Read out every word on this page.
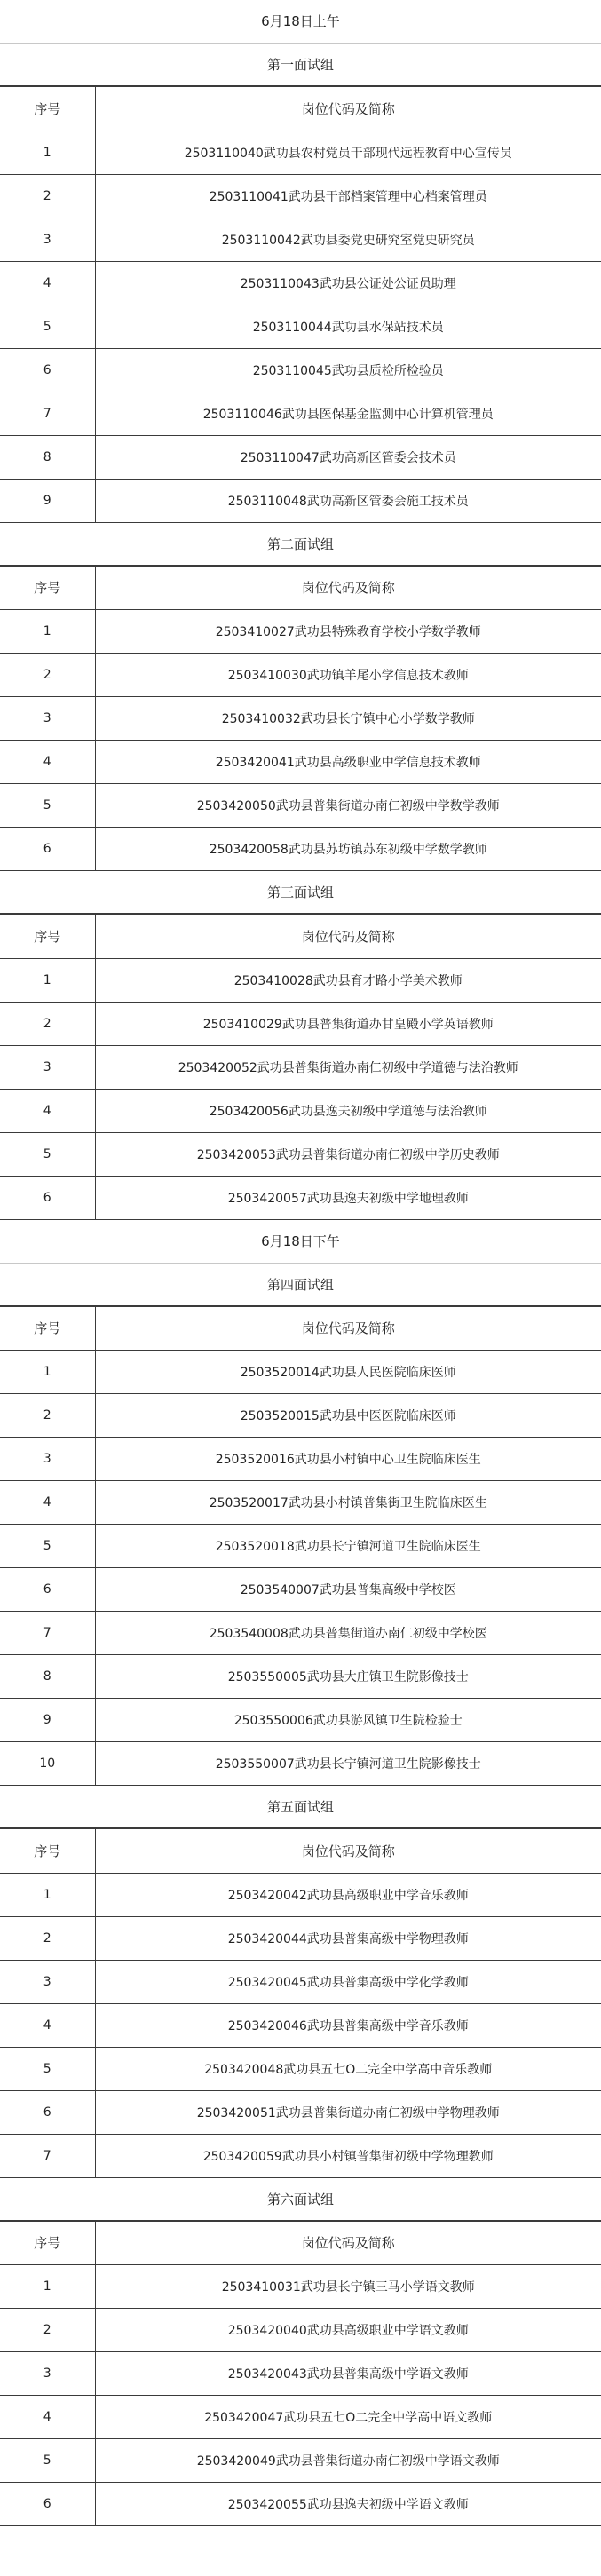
6月18日上午
第一面试组
序号	岗位代码及简称
1	2503110040武功县农村党员干部现代远程教育中心宣传员
2	2503110041武功县干部档案管理中心档案管理员
3	2503110042武功县委党史研究室党史研究员
4	2503110043武功县公证处公证员助理
5	2503110044武功县水保站技术员
6	2503110045武功县质检所检验员
7	2503110046武功县医保基金监测中心计算机管理员
8	2503110047武功高新区管委会技术员
9	2503110048武功高新区管委会施工技术员
第二面试组
序号	岗位代码及简称
1	2503410027武功县特殊教育学校小学数学教师
2	2503410030武功镇羊尾小学信息技术教师
3	2503410032武功县长宁镇中心小学数学教师
4	2503420041武功县高级职业中学信息技术教师
5	2503420050武功县普集街道办南仁初级中学数学教师
6	2503420058武功县苏坊镇苏东初级中学数学教师
第三面试组
序号	岗位代码及简称
1	2503410028武功县育才路小学美术教师
2	2503410029武功县普集街道办甘皇殿小学英语教师
3	2503420052武功县普集街道办南仁初级中学道德与法治教师
4	2503420056武功县逸夫初级中学道德与法治教师
5	2503420053武功县普集街道办南仁初级中学历史教师
6	2503420057武功县逸夫初级中学地理教师
6月18日下午
第四面试组
序号	岗位代码及简称
1	2503520014武功县人民医院临床医师
2	2503520015武功县中医医院临床医师
3	2503520016武功县小村镇中心卫生院临床医生
4	2503520017武功县小村镇普集街卫生院临床医生
5	2503520018武功县长宁镇河道卫生院临床医生
6	2503540007武功县普集高级中学校医
7	2503540008武功县普集街道办南仁初级中学校医
8	2503550005武功县大庄镇卫生院影像技士
9	2503550006武功县游风镇卫生院检验士
10	2503550007武功县长宁镇河道卫生院影像技士
第五面试组
序号	岗位代码及简称
1	2503420042武功县高级职业中学音乐教师
2	2503420044武功县普集高级中学物理教师
3	2503420045武功县普集高级中学化学教师
4	2503420046武功县普集高级中学音乐教师
5	2503420048武功县五七O二完全中学高中音乐教师
6	2503420051武功县普集街道办南仁初级中学物理教师
7	2503420059武功县小村镇普集街初级中学物理教师
第六面试组
序号	岗位代码及简称
1	2503410031武功县长宁镇三马小学语文教师
2	2503420040武功县高级职业中学语文教师
3	2503420043武功县普集高级中学语文教师
4	2503420047武功县五七O二完全中学高中语文教师
5	2503420049武功县普集街道办南仁初级中学语文教师
6	2503420055武功县逸夫初级中学语文教师
